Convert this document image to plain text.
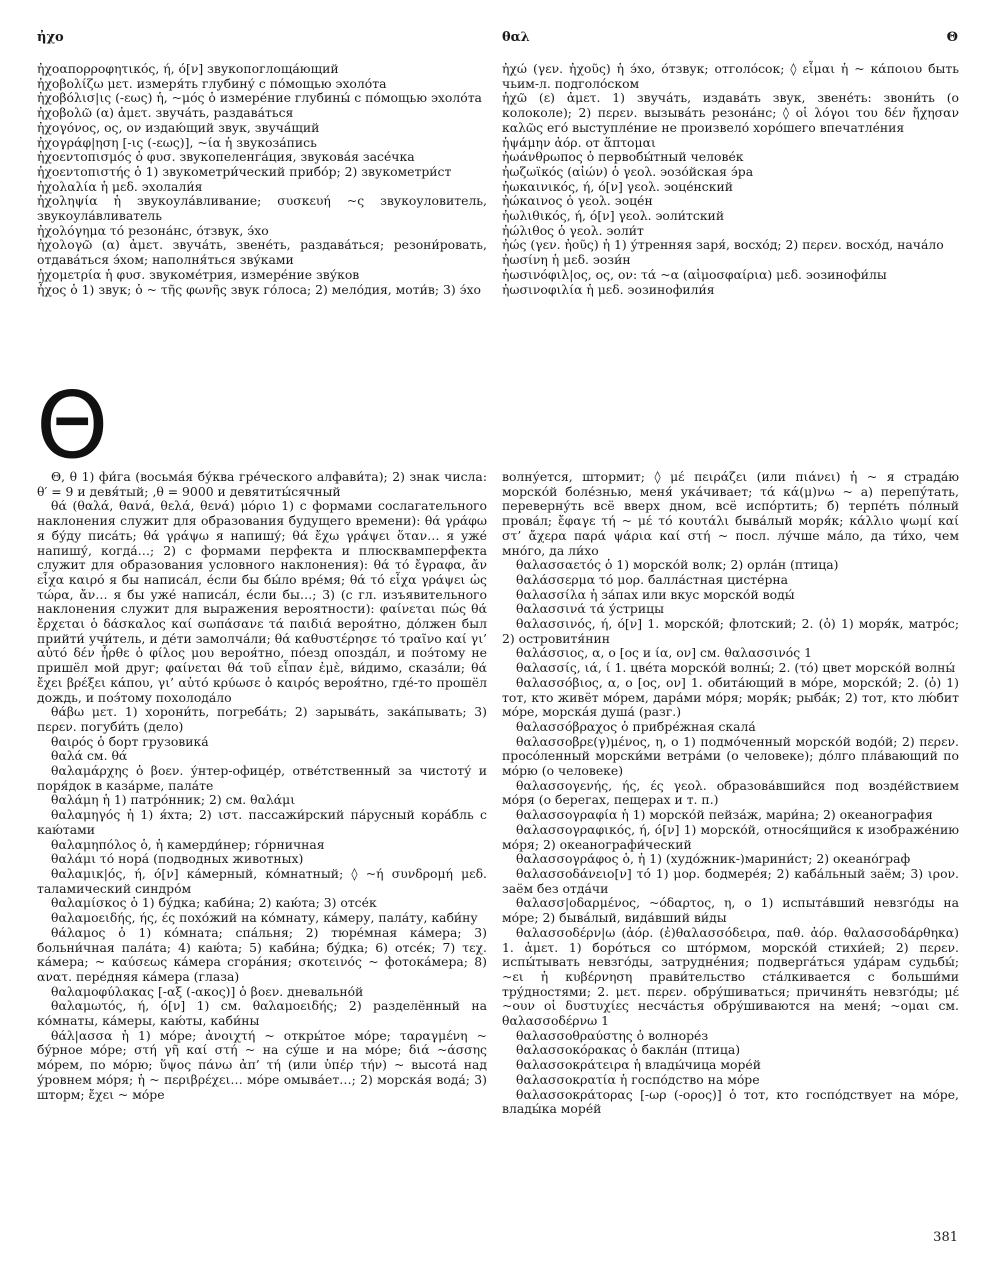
ἠχο	θαλ	Θ

ἠχοαπορροφητικός, ή, ό[ν] звукопоглоща́ющий

ἠχοβολίζω μετ. измеря́ть глубину́ с по́мощью эхоло́та

ἠχοβόλισ|ις (-εως) ἡ, ~μός ὁ измере́ние глубины́ с по́мощью эхоло́та

ἠχοβολῶ (α) ἀμετ. звуча́ть, раздава́ться

ἠχογόνος, ος, ον издаю́щий звук, звуча́щий

ἠχογράφ|ηση [-ις (-εως)], ~ία ἡ звукоза́пись

ἠχοεντοπισμός ὁ φυσ. звукопеленга́ция, звукова́я засе́чка

ἠχοεντοπιστής ὁ 1) звукометри́ческий прибо́р; 2) звукометри́ст

ἠχολαλία ἡ μεδ. эхолали́я

ἠχοληψία ἡ звукоула́вливание; συσκευή ~ς звукоуловитель, звукоула́вливатель

ἠχολόγημα τό резона́нс, о́тзвук, э́хо

ἠχολογῶ (α) ἀμετ. звуча́ть, звене́ть, раздава́ться; резони́ровать, отдава́ться э́хом; наполня́ться зву́ками

ἠχομετρία ἡ φυσ. звукоме́трия, измере́ние зву́ков

ἦχος ὁ 1) звук; ὁ ~ τῆς φωνῆς звук го́лоса; 2) мело́дия, моти́в; 3) э́хо

ἠχώ (γεν. ἠχοῦς) ἡ э́хо, о́тзвук; отголо́сок; ◊ εἶμαι ἡ ~ κάποιου быть чьим-л. подголо́ском

ἠχῶ (ε) ἀμετ. 1) звуча́ть, издава́ть звук, звене́ть: звони́ть (о колоколе); 2) περεν. вызыва́ть резона́нс; ◊ οἱ λόγοι του δέν ἤχησαν καλῶς его́ выступле́ние не произвело́ хоро́шего впечатле́ния

ἡψάμην ἀόρ. от ἅπτομαι

ἠωάνθρωπος ὁ первобы́тный челове́к

ἠωζωϊκός (αἰών) ὁ γεολ. эозо́йская э́ра

ἠωκαινικός, ή, ό[ν] γεολ. эоце́нский

ἠώκαινος ὁ γεολ. эоце́н

ἠωλιθικός, ή, ό[ν] γεολ. эоли́тский

ἠώλιθος ὁ γεολ. эоли́т

ἠώς (γεν. ἠοῦς) ἡ 1) у́тренняя заря́, восхо́д; 2) περεν. восхо́д, нача́ло

ἠωσίνη ἡ μεδ. эози́н

ἠωσινόφιλ|ος, ος, ον: τά ~α (αἱμοσφαίρια) μεδ. эозинофи́лы

ἠωσινοφιλία ἡ μεδ. эозинофили́я

Θ

Θ, θ 1) фи́га (восьма́я бу́ква гре́ческого алфави́та); 2) знак числа: θ′ = 9 и девя́тый; ‚θ = 9000 и девятиты́сячный

θά (θαλά, θανά, θελά, θενά) μόριο 1) с формами сослагательного наклонения служит для образования будущего времени): θά γράφω я бу́ду писа́ть; θά γράψω я напишу́; θά ἔχω γράψει ὅταν… я уже́ напишу́, когда́…; 2) с формами перфекта и плюсквамперфекта служит для образования условного наклонения): θά τό ἔγραφα, ἄν εἶχα καιρό я бы написа́л, е́сли бы бы́ло вре́мя; θά τό εἶχα γράψει ὡς τώρα, ἄν… я бы уже́ написа́л, е́сли бы…; 3) (с гл. изъявительного наклонения служит для выражения вероятности): φαίνεται πώς θά ἔρχεται ὁ δάσκαλος καί σωπάσανε τά παιδιά вероя́тно, до́лжен был прийти́ учи́тель, и де́ти замолча́ли; θά καθυστέρησε τό τραῖνο καί γι’ αὐτό δέν ἦρθε ὁ φίλος μου вероя́тно, по́езд опозда́л, и поэ́тому не пришёл мой друг; φαίνεται θά τοῦ εἶπαν ἐμὲ, ви́димо, сказа́ли; θά ἔχει βρέξει κάπου, γι’ αὐτό κρύωσε ὁ καιρός вероя́тно, где́-то прошёл дождь, и поэ́тому похолода́ло

θάβω μετ. 1) хорони́ть, погреба́ть; 2) зарыва́ть, зака́пывать; 3) περεν. погуби́ть (дело)

θαιρός ὁ борт грузовика́

θαλά см. θά

θαλαμάρχης ὁ βοεν. у́нтер-офице́р, отве́тственный за чистоту́ и поря́док в каза́рме, пала́те

θαλάμη ἡ 1) патро́нник; 2) см. θαλάμι

θαλαμηγός ἡ 1) я́хта; 2) ιστ. пассажи́рский па́русный кора́бль с каю́тами

θαλαμηπόλος ὁ, ἡ камерди́нер; го́рничная

θαλάμι τό нора́ (подводных животных)

θαλαμικ|ός, ή, ό[ν] ка́мерный, ко́мнатный; ◊ ~ή συνδρομή μεδ. таламический синдро́м

θαλαμίσκος ὁ 1) бу́дка; каби́на; 2) каю́та; 3) отсе́к

θαλαμοειδής, ής, ές похо́жий на ко́мнату, ка́меру, пала́ту, каби́ну

θάλαμος ὁ 1) ко́мната; спа́льня; 2) тюре́мная ка́мера; 3) больни́чная пала́та; 4) каю́та; 5) каби́на; бу́дка; 6) отсе́к; 7) τεχ. ка́мера; ~ καύσεως ка́мера сгора́ния; σκοτεινός ~ фотока́мера; 8) ανατ. пере́дняя ка́мера (глаза)

θαλαμοφύλακας [-αξ (-ακος)] ὁ βοεν. дневально́й

θαλαμωτός, ή, ό[ν] 1) см. θαλαμοειδής; 2) разделённый на ко́мнаты, ка́меры, каю́ты, каби́ны

θάλ|ασσα ἡ 1) мо́ре; ἀνοιχτή ~ откры́тое мо́ре; ταραγμένη ~ бу́рное мо́ре; στή γῆ καί στή ~ на су́ше и на мо́ре; διά ~άσσης мо́рем, по мо́рю; ὕψος πάνω ἀπ’ τή (или ὑπέρ τήν) ~ высота́ над у́ровнем мо́ря; ἡ ~ περιβρέχει… мо́ре омыва́ет…; 2) морска́я вода́; 3) шторм; ἔχει ~ мо́ре

волну́ется, штормит; ◊ μέ πειράζει (или πιάνει) ἡ ~ я страда́ю морско́й боле́знью, меня́ ука́чивает; τά κά(μ)νω ~ а) перепу́тать, переверну́ть всё вверх дном, всё испо́ртить; б) терпе́ть по́лный прова́л; ἔφαγε τή ~ μέ τό κουτάλι быва́лый моря́к; κάλλιο ψωμί καί στ’ ἄχερα παρά ψάρια καί στή ~ посл. лу́чше ма́ло, да ти́хо, чем мно́го, да ли́хо

θαλασσαετός ὁ 1) морско́й волк; 2) орла́н (птица)

θαλάσσερμα τό μορ. балла́стная цисте́рна

θαλασσίλα ἡ за́пах или вкус морско́й воды́

θαλασσινά τά у́стрицы

θαλασσινός, ή, ό[ν] 1. морско́й; флотский; 2. (ὁ) 1) моря́к, матро́с; 2) островитя́нин

θαλάσσιος, α, ο [ος и ία, ον] см. θαλασσινός 1

θαλασσίς, ιά, ί 1. цве́та морско́й волны́; 2. (τό) цвет морско́й волны́

θαλασσόβιος, α, ο [ος, ον] 1. обита́ющий в мо́ре, морско́й; 2. (ὁ) 1) тот, кто живёт мо́рем, дара́ми мо́ря; моря́к; рыба́к; 2) тот, кто лю́бит мо́ре, морска́я душа́ (разг.)

θαλασσόβραχος ὁ прибре́жная скала́

θαλασσοβρε(γ)μένος, η, ο 1) подмо́ченный морско́й водо́й; 2) περεν. просо́ленный морски́ми ветра́ми (о человеке); до́лго пла́вающий по мо́рю (о человеке)

θαλασσογενής, ής, ές γεολ. образова́вшийся под возде́йствием мо́ря (о берегах, пещерах и т. п.)

θαλασσογραφία ἡ 1) морско́й пейза́ж, мари́на; 2) океанография

θαλασσογραφικός, ή, ό[ν] 1) морско́й, относя́щийся к изображе́нию мо́ря; 2) океанографи́ческий

θαλασσογράφος ὁ, ἡ 1) (худо́жник-)марини́ст; 2) океано́граф

θαλασσοδάνειο[ν] τό 1) μορ. бодмере́я; 2) каба́льный заём; 3) ιρον. заём без отда́чи

θαλασσ|οδαρμένος, ~όδαρτος, η, ο 1) испыта́вший невзго́ды на мо́ре; 2) быва́лый, вида́вший ви́ды

θαλασσοδέρν|ω (ἀόρ. (ἐ)θαλασσόδειρα, παθ. ἀόρ. θαλασσοδάρθηκα) 1. ἀμετ. 1) боро́ться со што́рмом, морско́й стихи́ей; 2) περεν. испы́тывать невзго́ды, затрудне́ния; подверга́ться уда́рам судьбы́; ~ει ἡ κυβέρνηση прави́тельство ста́лкивается с больши́ми тру́дностями; 2. μετ. περεν. обру́шиваться; причиня́ть невзго́ды; μέ ~ουν οἱ δυστυχίες несча́стья обру́шиваются на меня́; ~ομαι см. θαλασσοδέρνω 1

θαλασσοθραύστης ὁ волноре́з

θαλασσοκόρακας ὁ бакла́н (птица)

θαλασσοκράτειρα ἡ влады́чица море́й

θαλασσοκρατία ἡ госпо́дство на мо́ре

θαλασσοκράτορας [-ωρ (-ορος)] ὁ тот, кто госпо́дствует на мо́ре, влады́ка море́й

381
